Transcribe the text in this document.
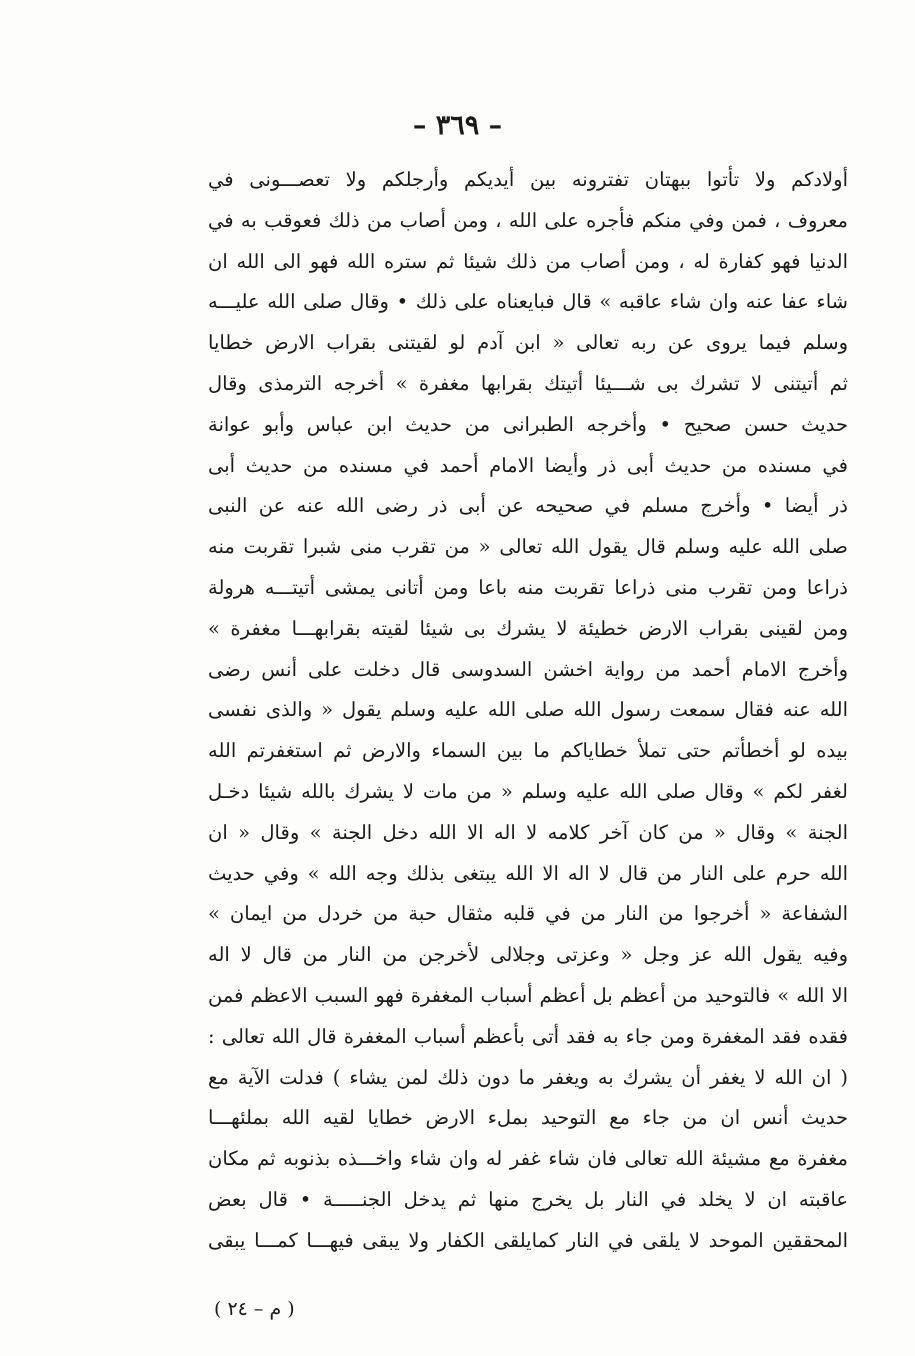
– ٣٦٩ –
أولادكم ولا تأتوا ببهتان تفترونه بين أيديكم وأرجلكم ولا تعصـــونى في
معروف ، فمن وفي منكم فأجره على الله ، ومن أصاب من ذلك فعوقب به في
الدنيا فهو كفارة له ، ومن أصاب من ذلك شيئا ثم ستره الله فهو الى الله ان
شاء عفا عنه وان شاء عاقبه » قال فبايعناه على ذلك • وقال صلى الله عليـــه
وسلم فيما يروى عن ربه تعالى « ابن آدم لو لقيتنى بقراب الارض خطايا
ثم أتيتنى لا تشرك بى شـــيئا أتيتك بقرابها مغفرة » أخرجه الترمذى وقال
حديث حسن صحيح • وأخرجه الطبرانى من حديث ابن عباس وأبو عوانة
في مسنده من حديث أبى ذر وأيضا الامام أحمد في مسنده من حديث أبى
ذر أيضا • وأخرج مسلم في صحيحه عن أبى ذر رضى الله عنه عن النبى
صلى الله عليه وسلم قال يقول الله تعالى « من تقرب منى شبرا تقربت منه
ذراعا ومن تقرب منى ذراعا تقربت منه باعا ومن أتانى يمشى أتيتـــه هرولة
ومن لقينى بقراب الارض خطيئة لا يشرك بى شيئا لقيته بقرابهـــا مغفرة »
وأخرج الامام أحمد من رواية اخشن السدوسى قال دخلت على أنس رضى
الله عنه فقال سمعت رسول الله صلى الله عليه وسلم يقول « والذى نفسى
بيده لو أخطأتم حتى تملأ خطاياكم ما بين السماء والارض ثم استغفرتم الله
لغفر لكم » وقال صلى الله عليه وسلم « من مات لا يشرك بالله شيئا دخـل
الجنة » وقال « من كان آخر كلامه لا اله الا الله دخل الجنة » وقال « ان
الله حرم على النار من قال لا اله الا الله يبتغى بذلك وجه الله » وفي حديث
الشفاعة « أخرجوا من النار من في قلبه مثقال حبة من خردل من ايمان »
وفيه يقول الله عز وجل « وعزتى وجلالى لأخرجن من النار من قال لا اله
الا الله » فالتوحيد من أعظم بل أعظم أسباب المغفرة فهو السبب الاعظم فمن
فقده فقد المغفرة ومن جاء به فقد أتى بأعظم أسباب المغفرة قال الله تعالى :
( ان الله لا يغفر أن يشرك به ويغفر ما دون ذلك لمن يشاء ) فدلت الآية مع
حديث أنس ان من جاء مع التوحيد بملء الارض خطايا لقيه الله بملئهـــا
مغفرة مع مشيئة الله تعالى فان شاء غفر له وان شاء واخـــذه بذنوبه ثم مكان
عاقبته ان لا يخلد في النار بل يخرج منها ثم يدخل الجنـــــة • قال بعض
المحققين الموحد لا يلقى في النار كمايلقى الكفار ولا يبقى فيهـــا كمـــا يبقى
( م – ٢٤ )
